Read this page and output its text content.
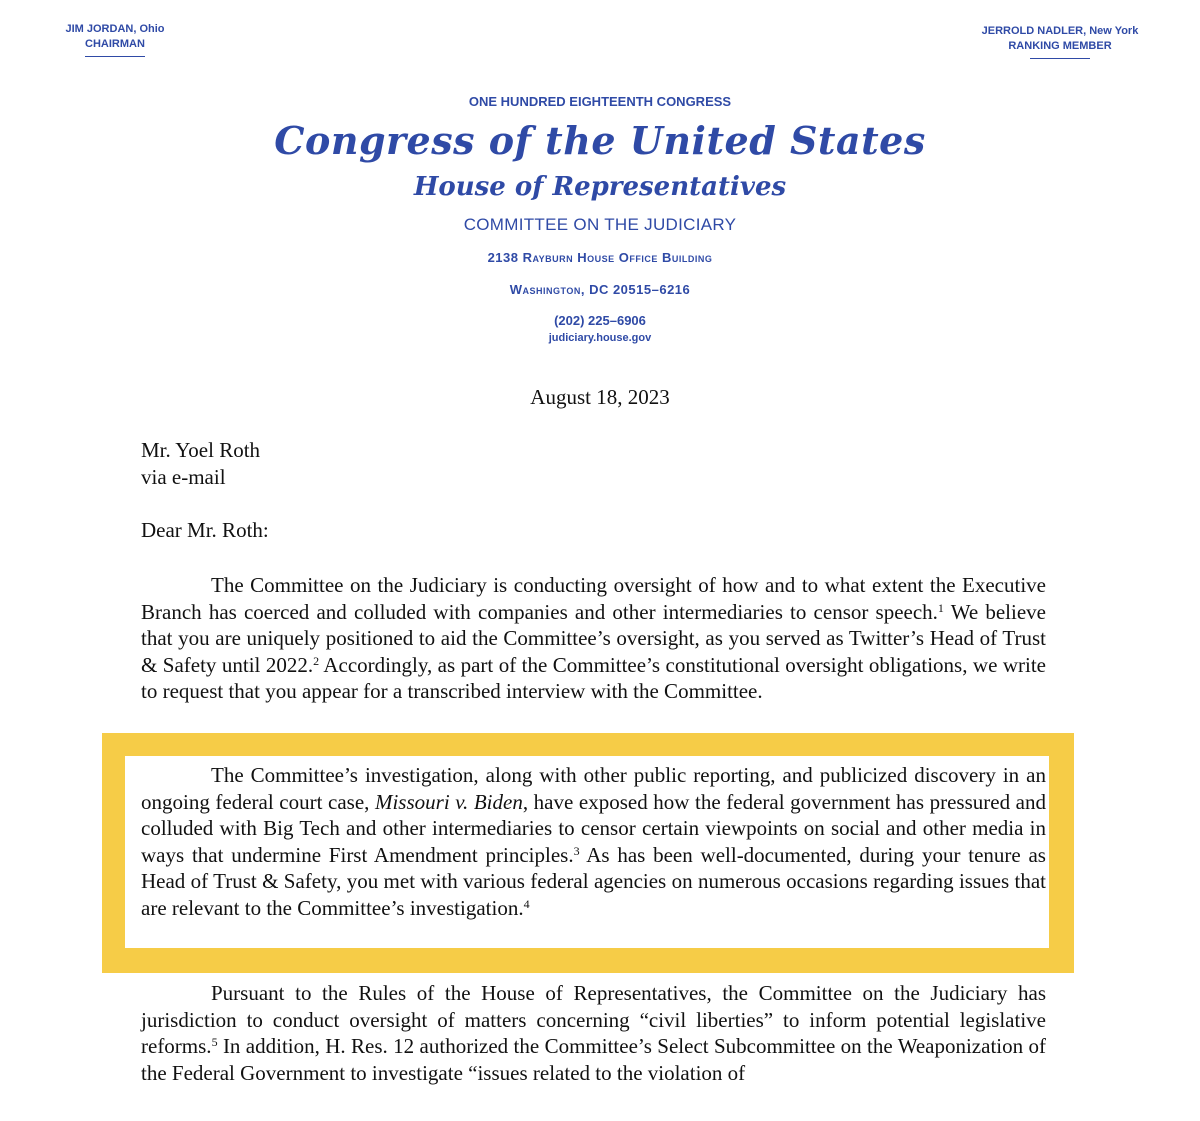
JIM JORDAN, Ohio
CHAIRMAN
JERROLD NADLER, New York
RANKING MEMBER
ONE HUNDRED EIGHTEENTH CONGRESS
Congress of the United States
House of Representatives
COMMITTEE ON THE JUDICIARY
2138 Rayburn House Office Building
Washington, DC 20515–6216
(202) 225–6906
judiciary.house.gov
August 18, 2023
Mr. Yoel Roth
via e-mail
Dear Mr. Roth:

The Committee on the Judiciary is conducting oversight of how and to what extent the Executive Branch has coerced and colluded with companies and other intermediaries to censor speech.$^1$ We believe that you are uniquely positioned to aid the Committee’s oversight, as you served as Twitter’s Head of Trust & Safety until 2022.$^2$ Accordingly, as part of the Committee’s constitutional oversight obligations, we write to request that you appear for a transcribed interview with the Committee.

The Committee’s investigation, along with other public reporting, and publicized discovery in an ongoing federal court case, Missouri v. Biden, have exposed how the federal government has pressured and colluded with Big Tech and other intermediaries to censor certain viewpoints on social and other media in ways that undermine First Amendment principles.$^3$ As has been well-documented, during your tenure as Head of Trust & Safety, you met with various federal agencies on numerous occasions regarding issues that are relevant to the Committee’s investigation.$^4$

Pursuant to the Rules of the House of Representatives, the Committee on the Judiciary has jurisdiction to conduct oversight of matters concerning “civil liberties” to inform potential legislative reforms.$^5$ In addition, H. Res. 12 authorized the Committee’s Select Subcommittee on the Weaponization of the Federal Government to investigate “issues related to the violation of
